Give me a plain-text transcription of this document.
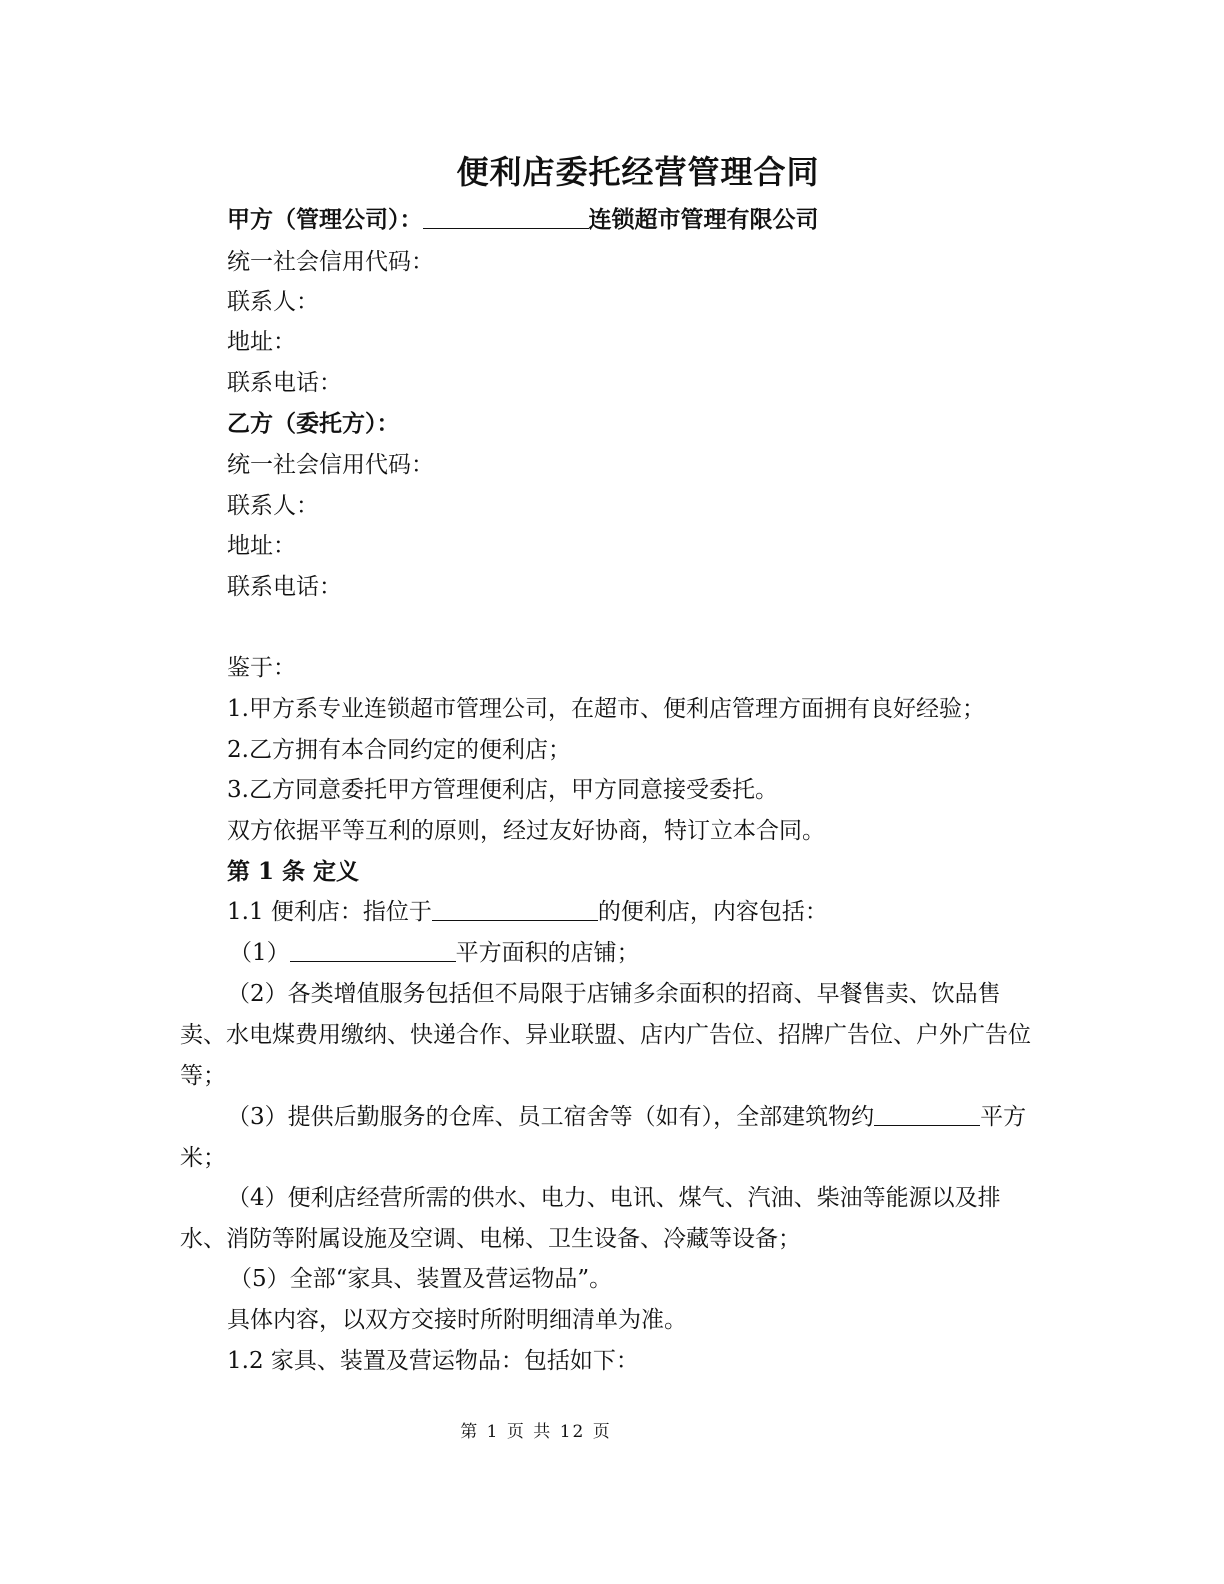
便利店委托经营管理合同
甲方（管理公司）：	连锁超市管理有限公司
统一社会信用代码：
联系人：
地址：
联系电话：
乙方（委托方）：
统一社会信用代码：
联系人：
地址：
联系电话：
鉴于：
1.甲方系专业连锁超市管理公司，在超市、便利店管理方面拥有良好经验；
2.乙方拥有本合同约定的便利店；
3.乙方同意委托甲方管理便利店，甲方同意接受委托。
双方依据平等互利的原则，经过友好协商，特订立本合同。
第 1 条 定义
1.1 便利店：指位于	的便利店，内容包括：
（1）	平方面积的店铺；
（2）各类增值服务包括但不局限于店铺多余面积的招商、早餐售卖、饮品售卖、水电煤费用缴纳、快递合作、异业联盟、店内广告位、招牌广告位、户外广告位等；
（3）提供后勤服务的仓库、员工宿舍等（如有），全部建筑物约	平方米；
（4）便利店经营所需的供水、电力、电讯、煤气、汽油、柴油等能源以及排水、消防等附属设施及空调、电梯、卫生设备、冷藏等设备；
（5）全部“家具、装置及营运物品”。
具体内容，以双方交接时所附明细清单为准。
1.2 家具、装置及营运物品：包括如下：
第 1 页 共 12 页
